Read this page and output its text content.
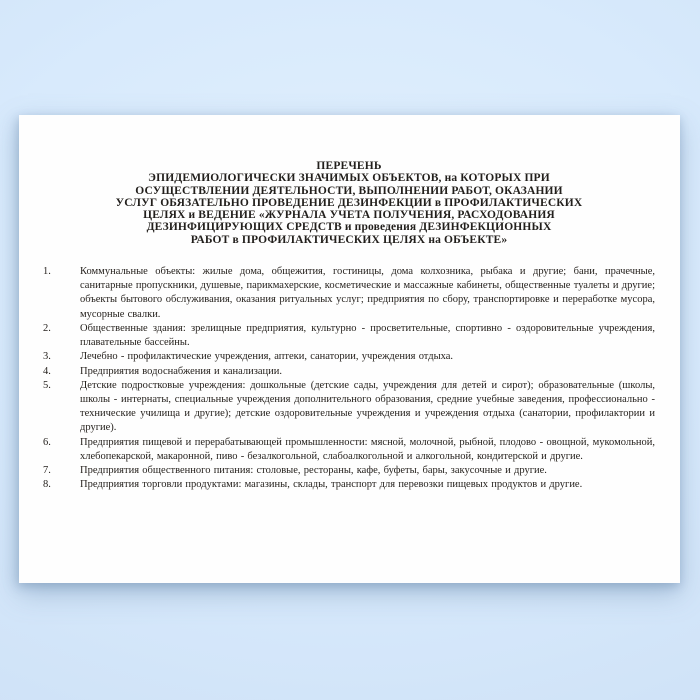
ПЕРЕЧЕНЬ
ЭПИДЕМИОЛОГИЧЕСКИ ЗНАЧИМЫХ ОБЪЕКТОВ, на КОТОРЫХ ПРИ
ОСУЩЕСТВЛЕНИИ ДЕЯТЕЛЬНОСТИ, ВЫПОЛНЕНИИ РАБОТ, ОКАЗАНИИ
УСЛУГ ОБЯЗАТЕЛЬНО ПРОВЕДЕНИЕ ДЕЗИНФЕКЦИИ в ПРОФИЛАКТИЧЕСКИХ
ЦЕЛЯХ и ВЕДЕНИЕ «ЖУРНАЛА УЧЕТА ПОЛУЧЕНИЯ, РАСХОДОВАНИЯ
ДЕЗИНФИЦИРУЮЩИХ СРЕДСТВ и проведения ДЕЗИНФЕКЦИОННЫХ
РАБОТ в ПРОФИЛАКТИЧЕСКИХ ЦЕЛЯХ на ОБЪЕКТЕ»
1.	Коммунальные объекты: жилые дома, общежития, гостиницы, дома колхозника, рыбака и другие; бани, прачечные, санитарные пропускники, душевые, парикмахерские, косметические и массажные кабинеты, общественные туалеты и другие; объекты бытового обслуживания, оказания ритуальных услуг; предприятия по сбору, транспортировке и переработке мусора, мусорные свалки.
2.	Общественные здания: зрелищные предприятия, культурно - просветительные, спортивно - оздоровительные учреждения, плавательные бассейны.
3.	Лечебно - профилактические учреждения, аптеки, санатории, учреждения отдыха.
4.	Предприятия водоснабжения и канализации.
5.	Детские подростковые учреждения: дошкольные (детские сады, учреждения для детей и сирот); образовательные (школы, школы - интернаты, специальные учреждения дополнительного образования, средние учебные заведения, профессионально - технические училища и другие); детские оздоровительные учреждения и учреждения отдыха (санатории, профилактории и другие).
6.	Предприятия пищевой и перерабатывающей промышленности: мясной, молочной, рыбной, плодово - овощной, мукомольной, хлебопекарской, макаронной, пиво - безалкогольной, слабоалкогольной и алкогольной, кондитерской и другие.
7.	Предприятия общественного питания: столовые, рестораны, кафе, буфеты, бары, закусочные и другие.
8.	Предприятия торговли продуктами: магазины, склады, транспорт для перевозки пищевых продуктов и другие.
